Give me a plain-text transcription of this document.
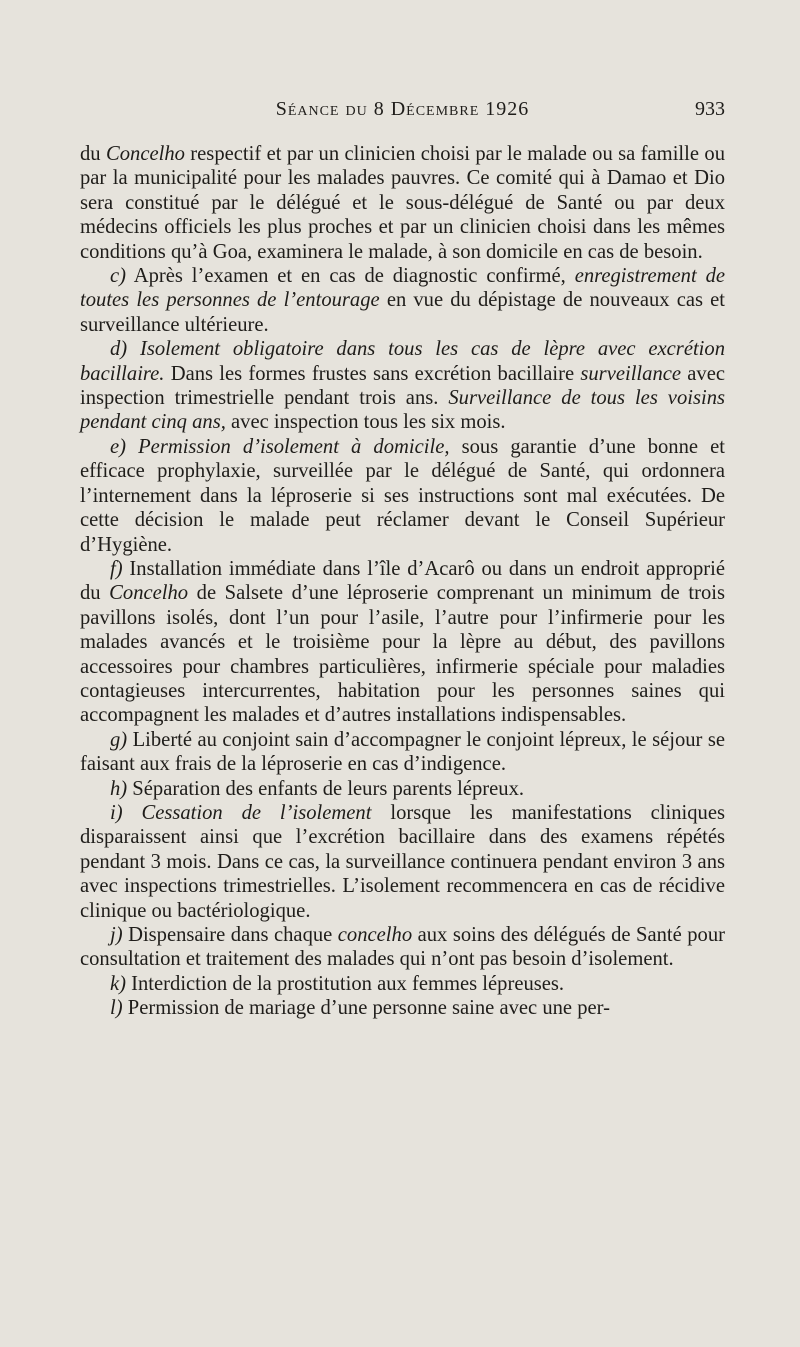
Séance du 8 Décembre 1926	933

du Concelho respectif et par un clinicien choisi par le malade ou sa famille ou par la municipalité pour les malades pauvres. Ce comité qui à Damao et Dio sera constitué par le délégué et le sous-délégué de Santé ou par deux médecins officiels les plus proches et par un clinicien choisi dans les mêmes conditions qu’à Goa, examinera le malade, à son domicile en cas de besoin.

c) Après l’examen et en cas de diagnostic confirmé, enregistrement de toutes les personnes de l’entourage en vue du dépistage de nouveaux cas et surveillance ultérieure.

d) Isolement obligatoire dans tous les cas de lèpre avec excrétion bacillaire. Dans les formes frustes sans excrétion bacillaire surveillance avec inspection trimestrielle pendant trois ans. Surveillance de tous les voisins pendant cinq ans, avec inspection tous les six mois.

e) Permission d’isolement à domicile, sous garantie d’une bonne et efficace prophylaxie, surveillée par le délégué de Santé, qui ordonnera l’internement dans la léproserie si ses instructions sont mal exécutées. De cette décision le malade peut réclamer devant le Conseil Supérieur d’Hygiène.

f) Installation immédiate dans l’île d’Acarô ou dans un endroit approprié du Concelho de Salsete d’une léproserie comprenant un minimum de trois pavillons isolés, dont l’un pour l’asile, l’autre pour l’infirmerie pour les malades avancés et le troisième pour la lèpre au début, des pavillons accessoires pour chambres particulières, infirmerie spéciale pour maladies contagieuses intercurrentes, habitation pour les personnes saines qui accompagnent les malades et d’autres installations indispensables.

g) Liberté au conjoint sain d’accompagner le conjoint lépreux, le séjour se faisant aux frais de la léproserie en cas d’indigence.

h) Séparation des enfants de leurs parents lépreux.

i) Cessation de l’isolement lorsque les manifestations cliniques disparaissent ainsi que l’excrétion bacillaire dans des examens répétés pendant 3 mois. Dans ce cas, la surveillance continuera pendant environ 3 ans avec inspections trimestrielles. L’isolement recommencera en cas de récidive clinique ou bactériologique.

j) Dispensaire dans chaque concelho aux soins des délégués de Santé pour consultation et traitement des malades qui n’ont pas besoin d’isolement.

k) Interdiction de la prostitution aux femmes lépreuses.

l) Permission de mariage d’une personne saine avec une per-
